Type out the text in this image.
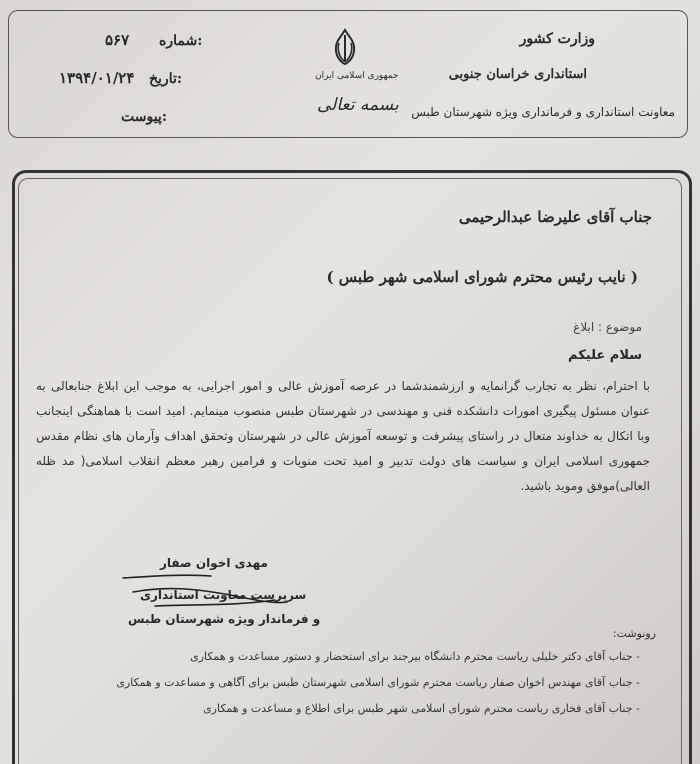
شماره:
۵۶۷
تاریخ:
۱۳۹۴/۰۱/۲۴
پیوست:
جمهوری اسلامی ایران
بسمه تعالی
وزارت کشور
استانداری خراسان جنوبی
معاونت استانداری و فرمانداری ویژه شهرستان طبس
جناب آقای علیرضا عبدالرحیمی
( نایب رئیس محترم شورای اسلامی شهر طبس )
موضوع : ابلاغ
سلام علیکم
با احترام، نظر به تجارب گرانمایه و ارزشمندشما در عرصه آموزش عالی و امور اجرایی، به موجب این ابلاغ جنابعالی به عنوان مسئول پیگیری امورات دانشکده فنی و مهندسی در شهرستان طبس منصوب مینمایم. امید است با هماهنگی اینجانب وبا اتکال به خداوند متعال در راستای پیشرفت و توسعه آموزش عالی در شهرستان وتحقق اهداف وآرمان های نظام مقدس جمهوری اسلامی ایران و سیاست های دولت تدبیر و امید تحت منویات و فرامین رهبر معظم انقلاب اسلامی( مد ظله العالی)موفق وموید باشید.
مهدی اخوان صفار
سرپرست معاونت استانداری
و فرماندار ویژه شهرستان طبس
رونوشت:
- جناب آقای دکتر خلیلی ریاست محترم دانشگاه بیرجند برای استحضار و دستور مساعدت و همکاری
- جناب آقای مهندس اخوان صفار ریاست محترم شورای اسلامی شهرستان طبس برای آگاهی و مساعدت و همکاری
- جناب آقای فخاری ریاست محترم شورای اسلامی شهر طبس برای اطلاع و مساعدت و همکاری
